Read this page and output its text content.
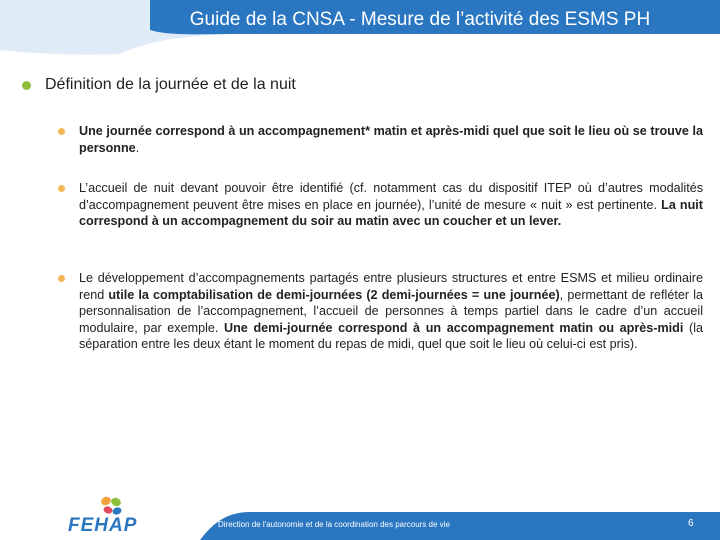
Guide de la CNSA - Mesure de l’activité des ESMS PH
Définition de la journée et de la nuit
Une journée correspond à un accompagnement* matin et après-midi quel que soit le lieu où se trouve la personne.
L’accueil de nuit devant pouvoir être identifié (cf. notamment cas du dispositif ITEP où d’autres modalités d’accompagnement peuvent être mises en place en journée), l’unité de mesure « nuit » est pertinente. La nuit correspond à un accompagnement du soir au matin avec un coucher et un lever.
Le développement d’accompagnements partagés entre plusieurs structures et entre ESMS et milieu ordinaire rend utile la comptabilisation de demi-journées (2 demi-journées = une journée), permettant de refléter la personnalisation de l’accompagnement, l’accueil de personnes à temps partiel dans le cadre d’un accueil modulaire, par exemple. Une demi-journée correspond à un accompagnement matin ou après-midi (la séparation entre les deux étant le moment du repas de midi, quel que soit le lieu où celui-ci est pris).
Direction de l'autonomie et de la coordination des parcours de vie	6
FEHAP
